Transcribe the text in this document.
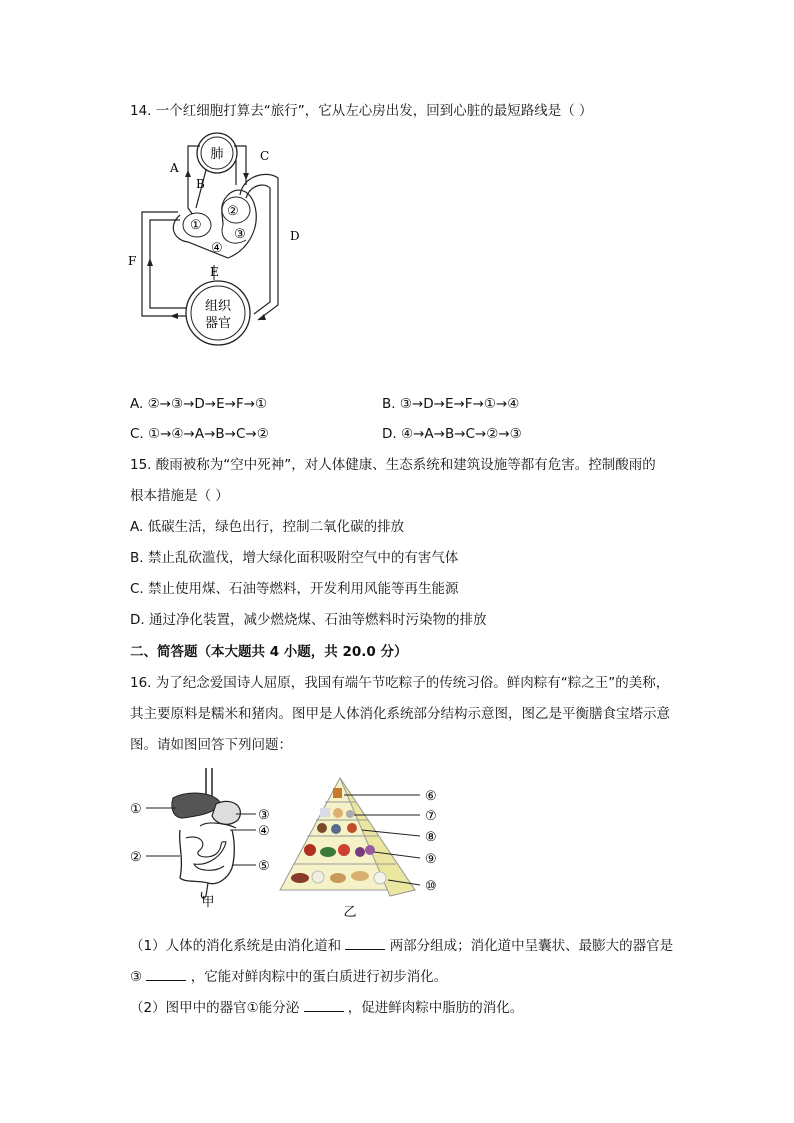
14. 一个红细胞打算去“旅行”，它从左心房出发，回到心脏的最短路线是（ ）
肺
组织
器官
A
B
C
D
E
F
①
②
③
④
A. ②→③→D→E→F→①	B. ③→D→E→F→①→④
C. ①→④→A→B→C→②	D. ④→A→B→C→②→③
15. 酸雨被称为“空中死神”，对人体健康、生态系统和建筑设施等都有危害。控制酸雨的
根本措施是（ ）
A. 低碳生活，绿色出行，控制二氧化碳的排放
B. 禁止乱砍滥伐，增大绿化面积吸附空气中的有害气体
C. 禁止使用煤、石油等燃料，开发利用风能等再生能源
D. 通过净化装置，减少燃烧煤、石油等燃料时污染物的排放
二、简答题（本大题共 4 小题，共 20.0 分）
16. 为了纪念爱国诗人屈原，我国有端午节吃粽子的传统习俗。鲜肉粽有“粽之王”的美称，
其主要原料是糯米和猪肉。图甲是人体消化系统部分结构示意图，图乙是平衡膳食宝塔示意
图。请如图回答下列问题：
①
②
③
④
⑤
甲
⑥
⑦
⑧
⑨
⑩
乙
（1）人体的消化系统是由消化道和	两部分组成；消化道中呈囊状、最膨大的器官是
③	，它能对鲜肉粽中的蛋白质进行初步消化。
（2）图甲中的器官①能分泌	，促进鲜肉粽中脂肪的消化。
